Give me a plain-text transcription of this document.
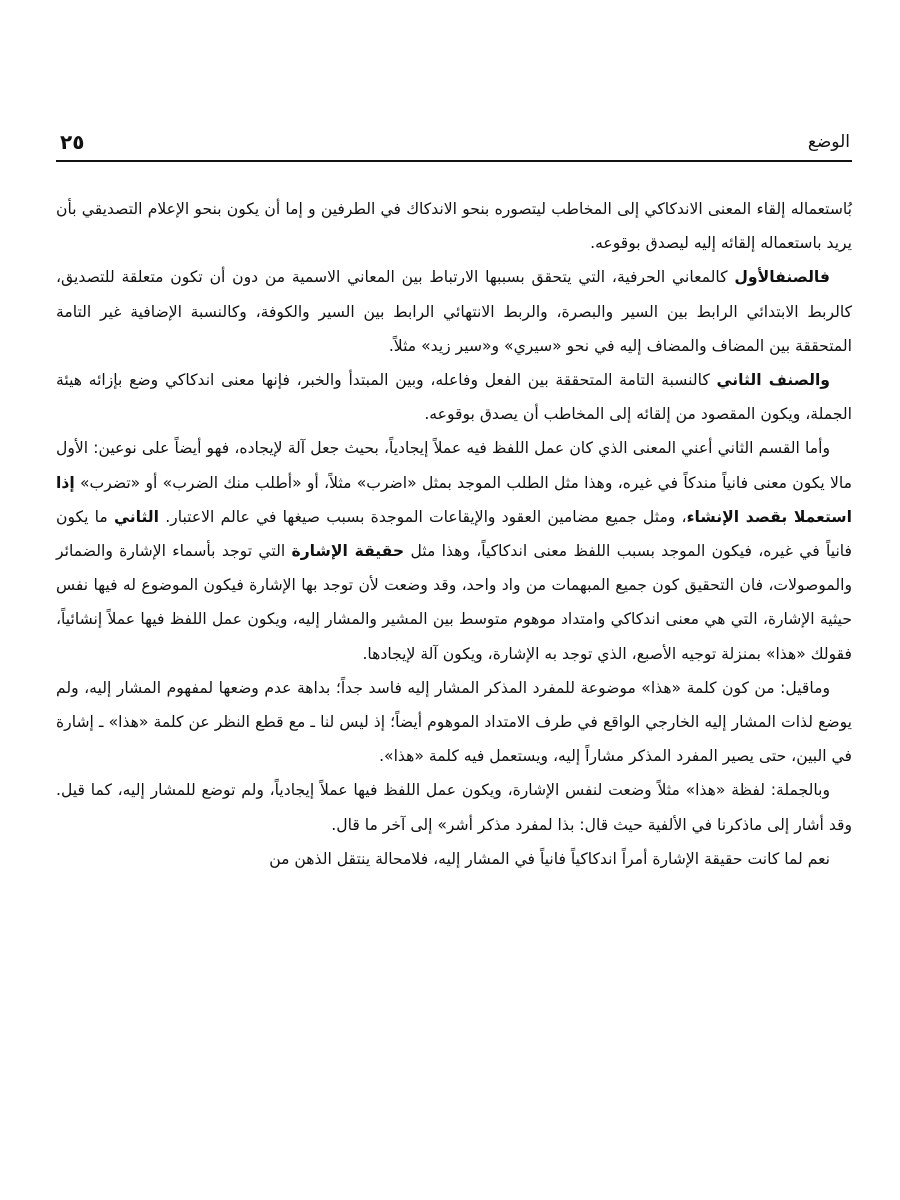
الوضع
٢٥

بُاستعماله إلقاء المعنى الاندكاكي إلى المخاطب ليتصوره بنحو الاندكاك في الطرفين و إما أن يكون بنحو الإعلام التصديقي بأن يريد باستعماله إلقائه إليه ليصدق بوقوعه.

فالصنفالأول كالمعاني الحرفية، التي يتحقق بسببها الارتباط بين المعاني الاسمية من دون أن تكون متعلقة للتصديق، كالربط الابتدائي الرابط بين السير والبصرة، والربط الانتهائي الرابط بين السير والكوفة، وكالنسبة الإضافية غير التامة المتحققة بين المضاف والمضاف إليه في نحو «سيري» و«سير زيد» مثلاً.

والصنف الثاني كالنسبة التامة المتحققة بين الفعل وفاعله، وبين المبتدأ والخبر، فإنها معنى اندكاكي وضع بإزائه هيئة الجملة، ويكون المقصود من إلقائه إلى المخاطب أن يصدق بوقوعه.

وأما القسم الثاني أعني المعنى الذي كان عمل اللفظ فيه عملاً إيجادياً، بحيث جعل آلة لإيجاده، فهو أيضاً على نوعين: الأول مالا يكون معنى فانياً مندكاً في غيره، وهذا مثل الطلب الموجد بمثل «اضرب» مثلاً، أو «أطلب منك الضرب» أو «تضرب» إذا استعملا بقصد الإنشاء، ومثل جميع مضامين العقود والإيقاعات الموجدة بسبب صيغها في عالم الاعتبار. الثاني ما يكون فانياً في غيره، فيكون الموجد بسبب اللفظ معنى اندكاكياً، وهذا مثل حقيقة الإشارة التي توجد بأسماء الإشارة والضمائر والموصولات، فان التحقيق كون جميع المبهمات من واد واحد، وقد وضعت لأن توجد بها الإشارة فيكون الموضوع له فيها نفس حيثية الإشارة، التي هي معنى اندكاكي وامتداد موهوم متوسط بين المشير والمشار إليه، ويكون عمل اللفظ فيها عملاً إنشائياً، فقولك «هذا» بمنزلة توجيه الأصبع، الذي توجد به الإشارة، ويكون آلة لإيجادها.

وماقيل: من كون كلمة «هذا» موضوعة للمفرد المذكر المشار إليه فاسد جداً؛ بداهة عدم وضعها لمفهوم المشار إليه، ولم يوضع لذات المشار إليه الخارجي الواقع في طرف الامتداد الموهوم أيضاً؛ إذ ليس لنا ـ مع قطع النظر عن كلمة «هذا» ـ إشارة في البين، حتى يصير المفرد المذكر مشاراً إليه، ويستعمل فيه كلمة «هذا».

وبالجملة: لفظة «هذا» مثلاً وضعت لنفس الإشارة، ويكون عمل اللفظ فيها عملاً إيجادياً، ولم توضع للمشار إليه، كما قيل. وقد أشار إلى ماذكرنا في الألفية حيث قال: بذا لمفرد مذكر أشر» إلى آخر ما قال.

نعم لما كانت حقيقة الإشارة أمراً اندكاكياً فانياً في المشار إليه، فلامحالة ينتقل الذهن من
